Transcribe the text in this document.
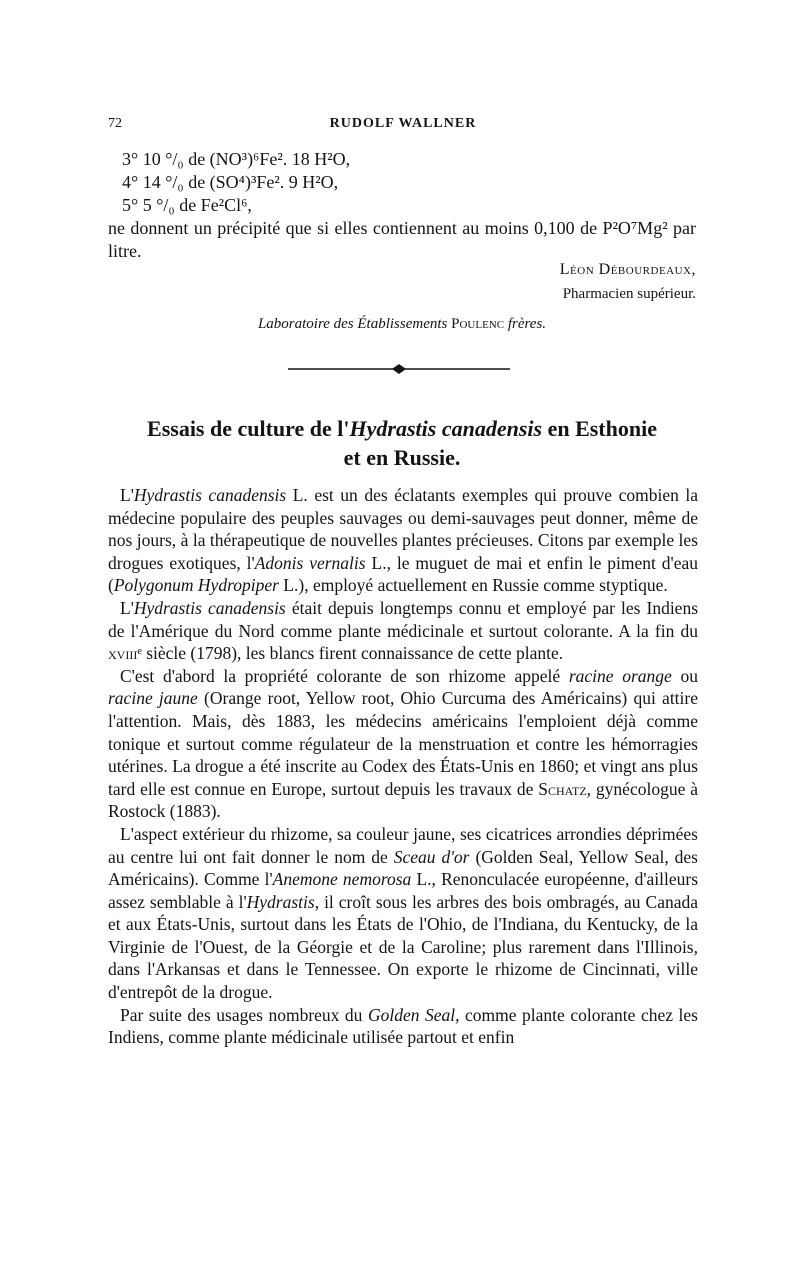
72	RUDOLF WALLNER
3° 10 °/₀ de (NO³)⁶Fe². 18 H²O,
4° 14 °/₀ de (SO⁴)³Fe². 9 H²O,
5° 5 °/₀ de Fe²Cl⁶,

ne donnent un précipité que si elles contiennent au moins 0,100 de P²O⁷Mg² par litre.

Léon Débourdeaux,
Pharmacien supérieur.
Laboratoire des Établissements Poulenc frères.
Essais de culture de l'Hydrastis canadensis en Esthonie
et en Russie.

L'Hydrastis canadensis L. est un des éclatants exemples qui prouve combien la médecine populaire des peuples sauvages ou demi-sauvages peut donner, même de nos jours, à la thérapeutique de nouvelles plantes précieuses. Citons par exemple les drogues exotiques, l'Adonis vernalis L., le muguet de mai et enfin le piment d'eau (Polygonum Hydropiper L.), employé actuellement en Russie comme styptique.

L'Hydrastis canadensis était depuis longtemps connu et employé par les Indiens de l'Amérique du Nord comme plante médicinale et surtout colorante. A la fin du xviiiᵉ siècle (1798), les blancs firent connaissance de cette plante.

C'est d'abord la propriété colorante de son rhizome appelé racine orange ou racine jaune (Orange root, Yellow root, Ohio Curcuma des Américains) qui attire l'attention. Mais, dès 1883, les médecins américains l'emploient déjà comme tonique et surtout comme régulateur de la menstruation et contre les hémorragies utérines. La drogue a été inscrite au Codex des États-Unis en 1860; et vingt ans plus tard elle est connue en Europe, surtout depuis les travaux de Schatz, gynécologue à Rostock (1883).

L'aspect extérieur du rhizome, sa couleur jaune, ses cicatrices arrondies déprimées au centre lui ont fait donner le nom de Sceau d'or (Golden Seal, Yellow Seal, des Américains). Comme l'Anemone nemorosa L., Renonculacée européenne, d'ailleurs assez semblable à l'Hydrastis, il croît sous les arbres des bois ombragés, au Canada et aux États-Unis, surtout dans les États de l'Ohio, de l'Indiana, du Kentucky, de la Virginie de l'Ouest, de la Géorgie et de la Caroline; plus rarement dans l'Illinois, dans l'Arkansas et dans le Tennessee. On exporte le rhizome de Cincinnati, ville d'entrepôt de la drogue.

Par suite des usages nombreux du Golden Seal, comme plante colorante chez les Indiens, comme plante médicinale utilisée partout et enfin
